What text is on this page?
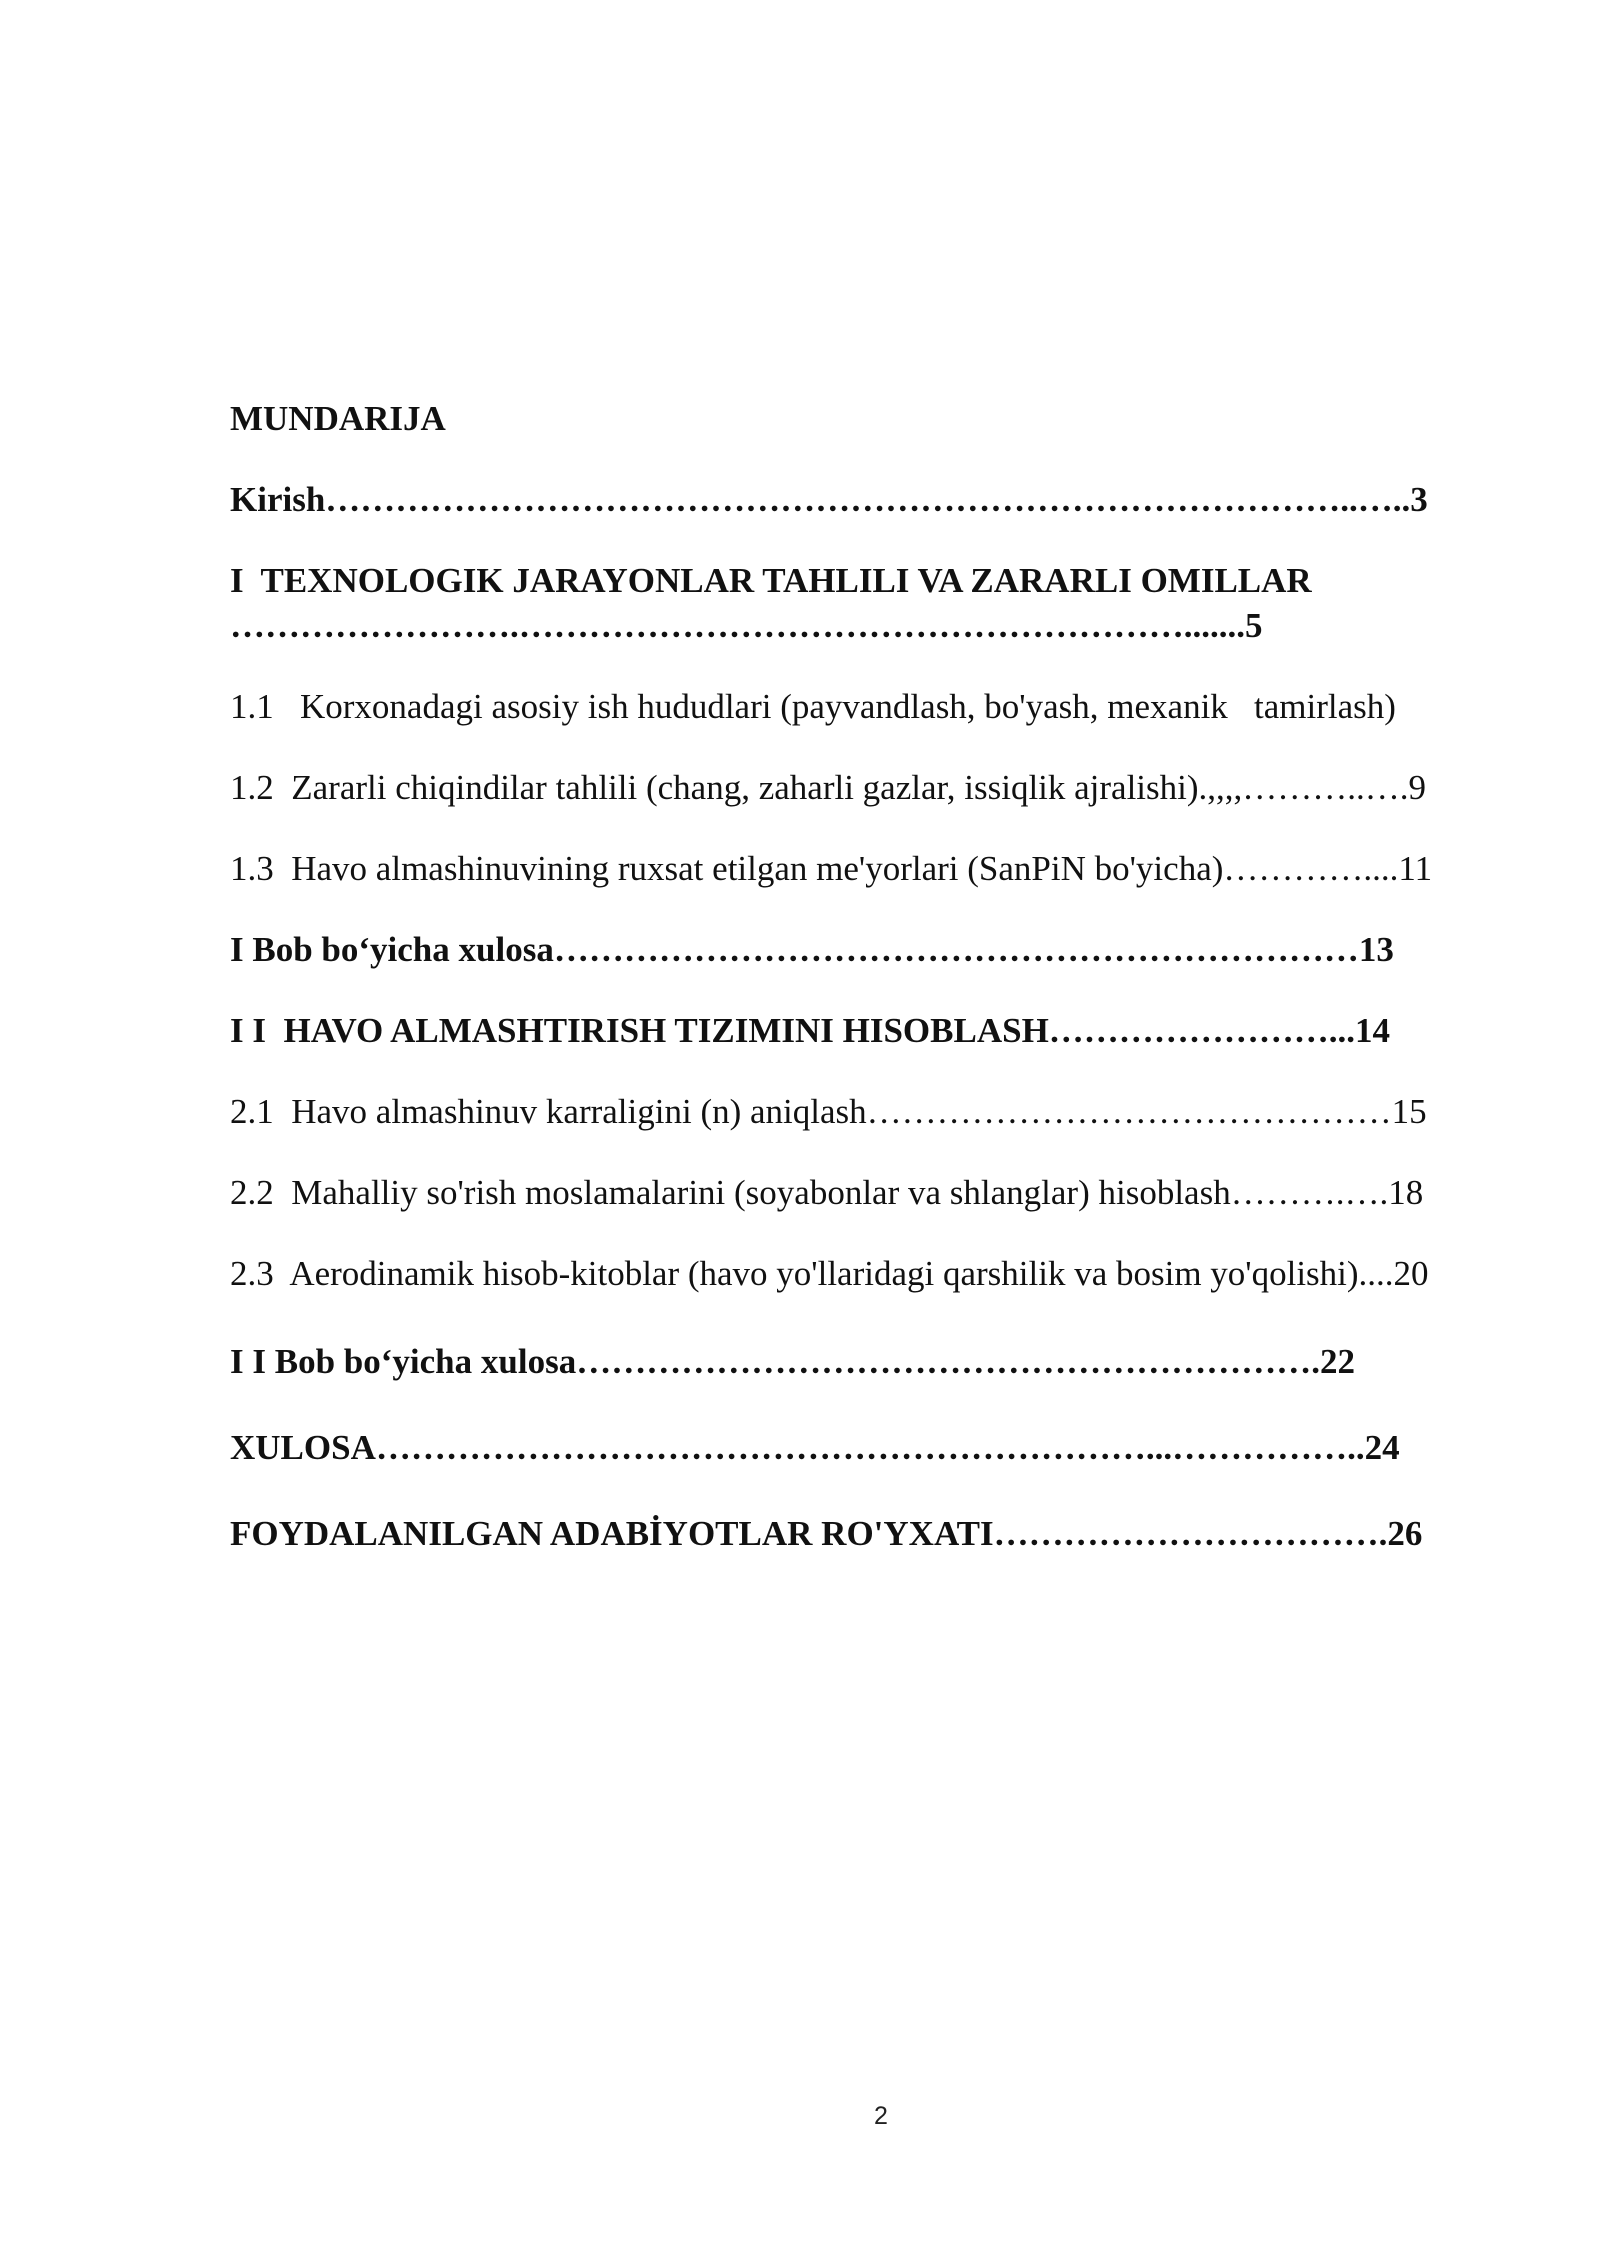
MUNDARIJA
Kirish……………………………………………………………………………..…..3
I  TEXNOLOGIK JARAYONLAR TAHLILI VA ZARARLI OMILLAR
…………………….………………………………………………….......5
1.1   Korxonadagi asosiy ish hududlari (payvandlash, bo'yash, mexanik   tamirlash)
1.2  Zararli chiqindilar tahlili (chang, zaharli gazlar, issiqlik ajralishi).,,,,………..….9
1.3  Havo almashinuvining ruxsat etilgan me'yorlari (SanPiN bo'yicha)…………....11
I Bob bo‘yicha xulosa……………………………………………………………13
I I  HAVO ALMASHTIRISH TIZIMINI HISOBLASH……………………...14
2.1  Havo almashinuv karraligini (n) aniqlash………………………………………15
2.2  Mahalliy so'rish moslamalarini (soyabonlar va shlanglar) hisoblash……….….18
2.3  Aerodinamik hisob-kitoblar (havo yo'llaridagi qarshilik va bosim yo'qolishi)....20
I I Bob bo‘yicha xulosa……………………………………………………….22
XULOSA…………………………………………………………...……………..24
FOYDALANILGAN ADABİYOTLAR RO'YXATI…………………………….26
2
